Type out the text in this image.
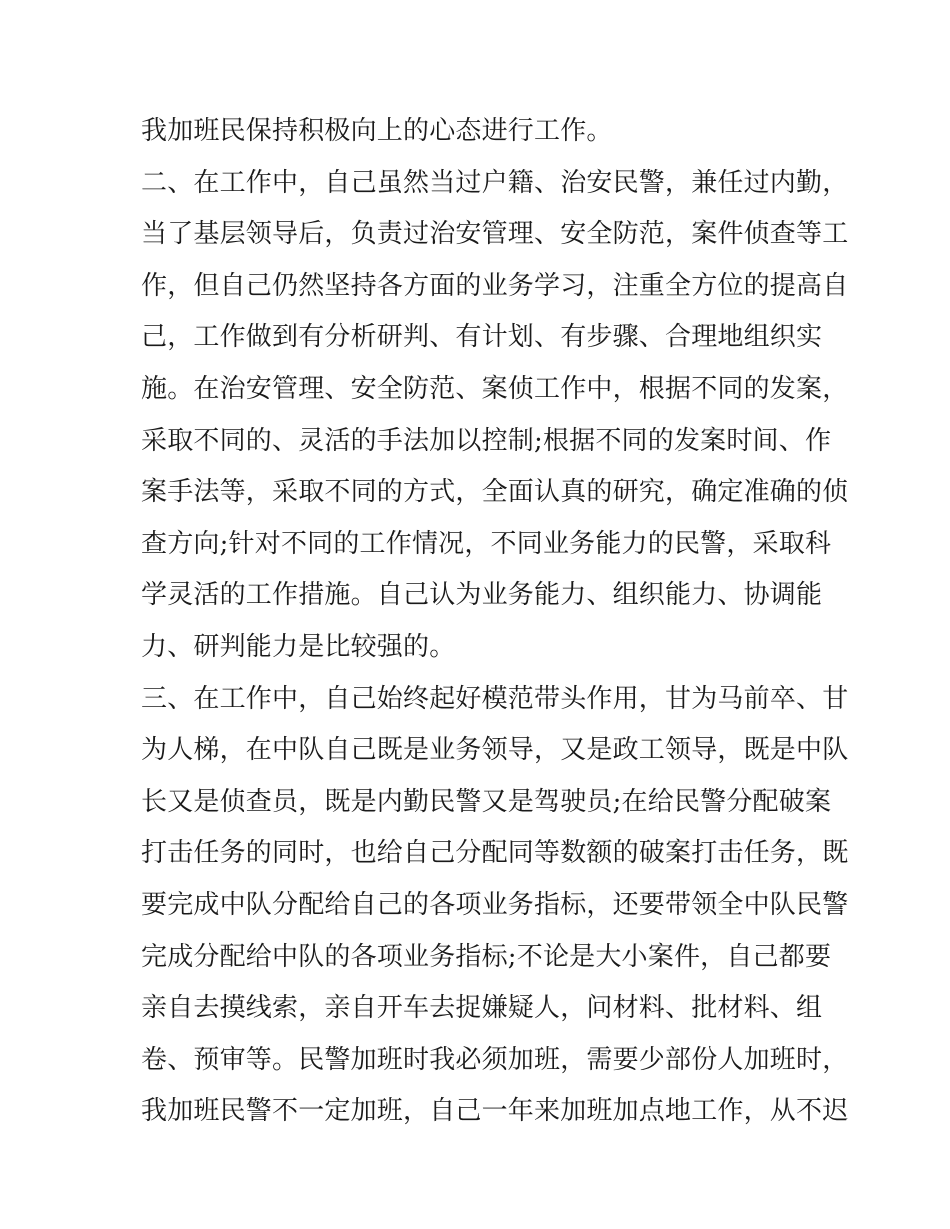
我加班民保持积极向上的心态进行工作。
二、在工作中，自己虽然当过户籍、治安民警，兼任过内勤，
当了基层领导后，负责过治安管理、安全防范，案件侦查等工
作，但自己仍然坚持各方面的业务学习，注重全方位的提高自
己，工作做到有分析研判、有计划、有步骤、合理地组织实
施。在治安管理、安全防范、案侦工作中，根据不同的发案，
采取不同的、灵活的手法加以控制;根据不同的发案时间、作
案手法等，采取不同的方式，全面认真的研究，确定准确的侦
查方向;针对不同的工作情况，不同业务能力的民警，采取科
学灵活的工作措施。自己认为业务能力、组织能力、协调能
力、研判能力是比较强的。
三、在工作中，自己始终起好模范带头作用，甘为马前卒、甘
为人梯，在中队自己既是业务领导，又是政工领导，既是中队
长又是侦查员，既是内勤民警又是驾驶员;在给民警分配破案
打击任务的同时，也给自己分配同等数额的破案打击任务，既
要完成中队分配给自己的各项业务指标，还要带领全中队民警
完成分配给中队的各项业务指标;不论是大小案件，自己都要
亲自去摸线索，亲自开车去捉嫌疑人，问材料、批材料、组
卷、预审等。民警加班时我必须加班，需要少部份人加班时，
我加班民警不一定加班，自己一年来加班加点地工作，从不迟
